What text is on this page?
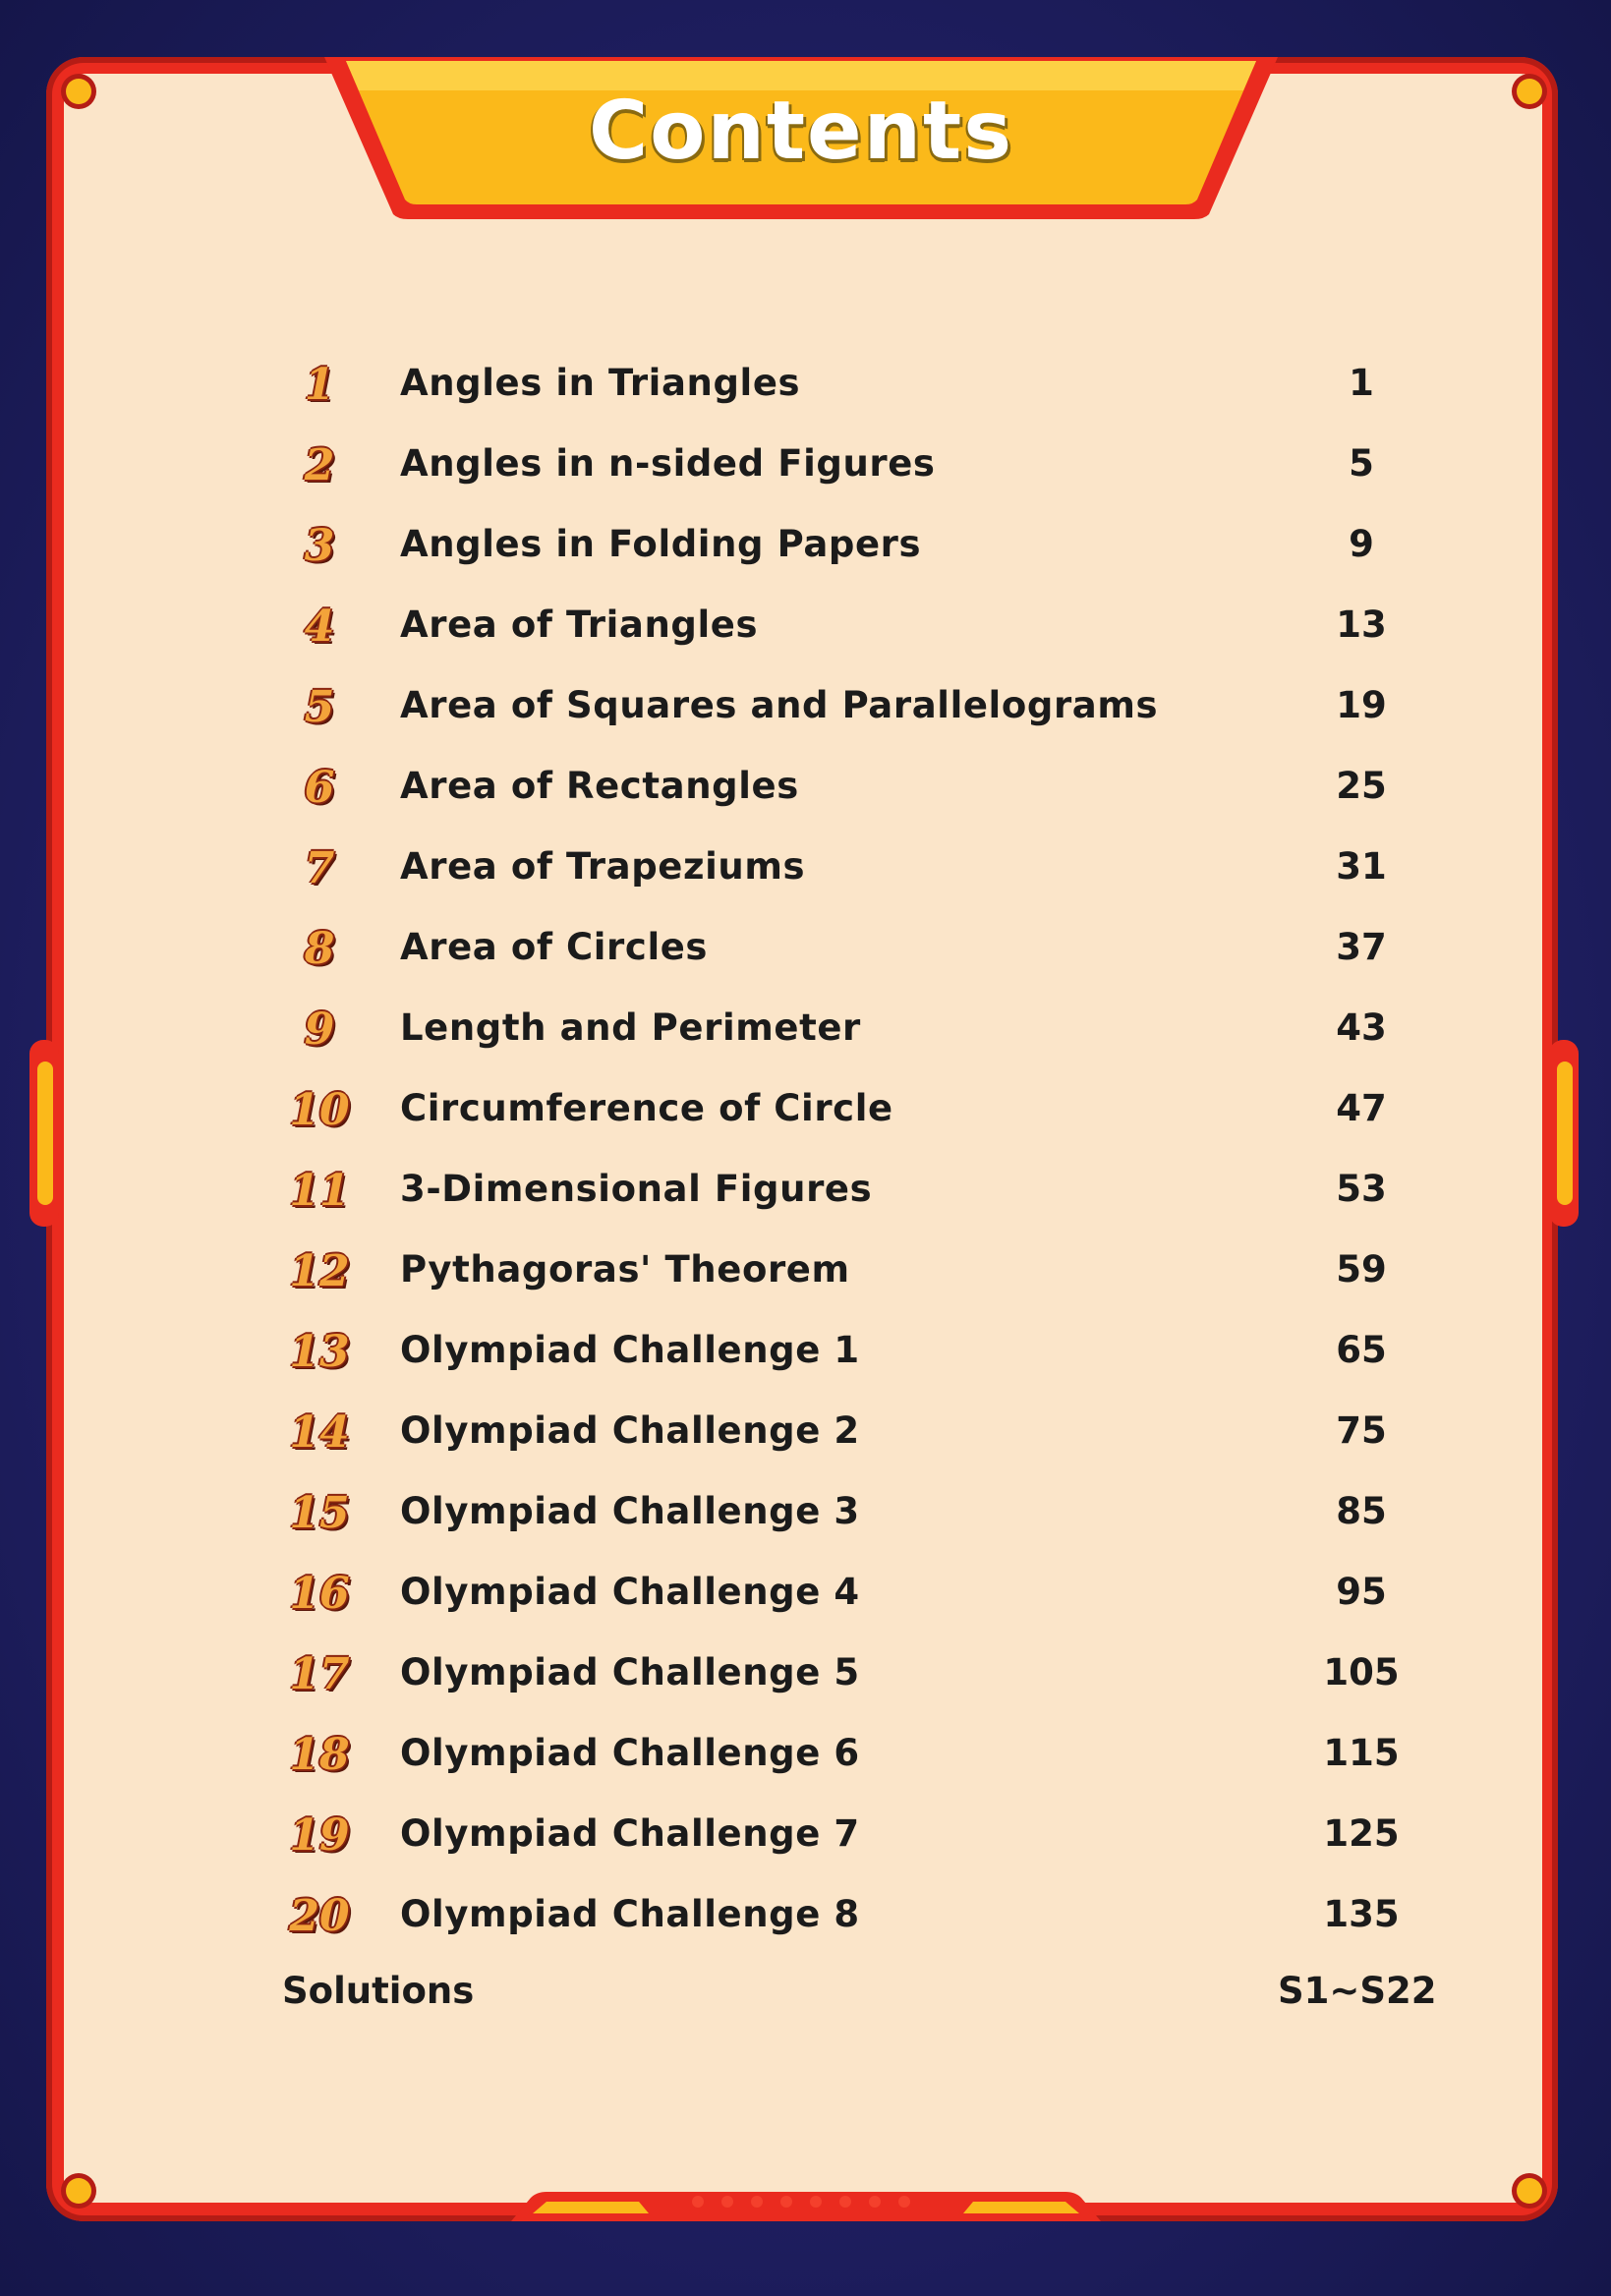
Contents
1	Angles in Triangles	1
2	Angles in n-sided Figures	5
3	Angles in Folding Papers	9
4	Area of Triangles	13
5	Area of Squares and Parallelograms	19
6	Area of Rectangles	25
7	Area of Trapeziums	31
8	Area of Circles	37
9	Length and Perimeter	43
10	Circumference of Circle	47
11	3-Dimensional Figures	53
12	Pythagoras' Theorem	59
13	Olympiad Challenge 1	65
14	Olympiad Challenge 2	75
15	Olympiad Challenge 3	85
16	Olympiad Challenge 4	95
17	Olympiad Challenge 5	105
18	Olympiad Challenge 6	115
19	Olympiad Challenge 7	125
20	Olympiad Challenge 8	135
Solutions	S1~S22
